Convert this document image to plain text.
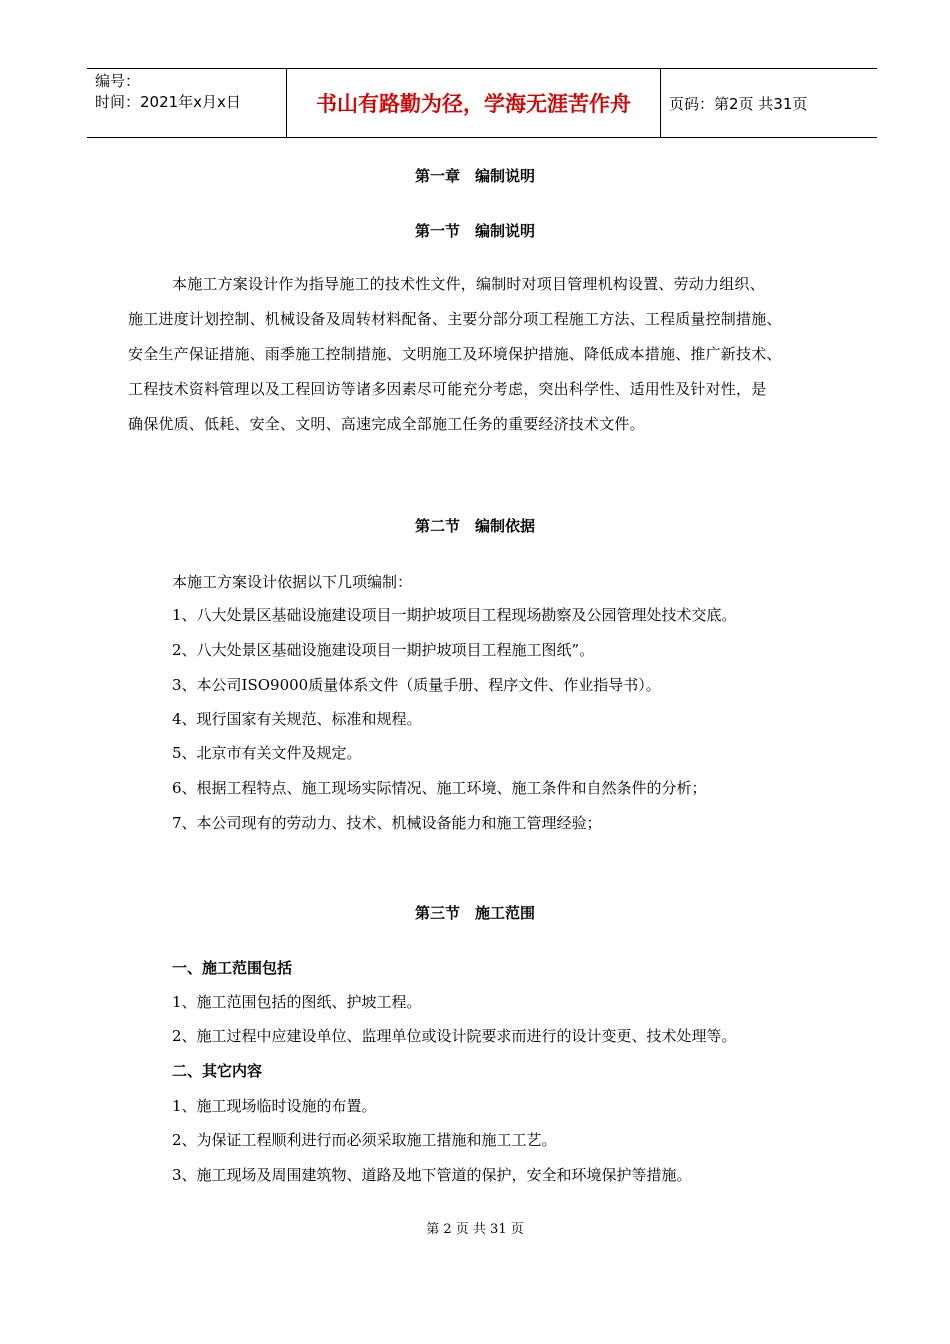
编号：
时间：2021年x月x日	书山有路勤为径，学海无涯苦作舟	页码：第2页 共31页
第一章　编制说明
第一节　编制说明
本施工方案设计作为指导施工的技术性文件，编制时对项目管理机构设置、劳动力组织、
施工进度计划控制、机械设备及周转材料配备、主要分部分项工程施工方法、工程质量控制措施、
安全生产保证措施、雨季施工控制措施、文明施工及环境保护措施、降低成本措施、推广新技术、
工程技术资料管理以及工程回访等诸多因素尽可能充分考虑，突出科学性、适用性及针对性，是
确保优质、低耗、安全、文明、高速完成全部施工任务的重要经济技术文件。
第二节　编制依据
本施工方案设计依据以下几项编制：
1、八大处景区基础设施建设项目一期护坡项目工程现场勘察及公园管理处技术交底。
2、八大处景区基础设施建设项目一期护坡项目工程施工图纸”。
3、本公司ISO9000质量体系文件（质量手册、程序文件、作业指导书）。
4、现行国家有关规范、标准和规程。
5、北京市有关文件及规定。
6、根据工程特点、施工现场实际情况、施工环境、施工条件和自然条件的分析；
7、本公司现有的劳动力、技术、机械设备能力和施工管理经验；
第三节　施工范围
一、施工范围包括
1、施工范围包括的图纸、护坡工程。
2、施工过程中应建设单位、监理单位或设计院要求而进行的设计变更、技术处理等。
二、其它内容
1、施工现场临时设施的布置。
2、为保证工程顺利进行而必须采取施工措施和施工工艺。
3、施工现场及周围建筑物、道路及地下管道的保护，安全和环境保护等措施。
第 2 页 共 31 页
